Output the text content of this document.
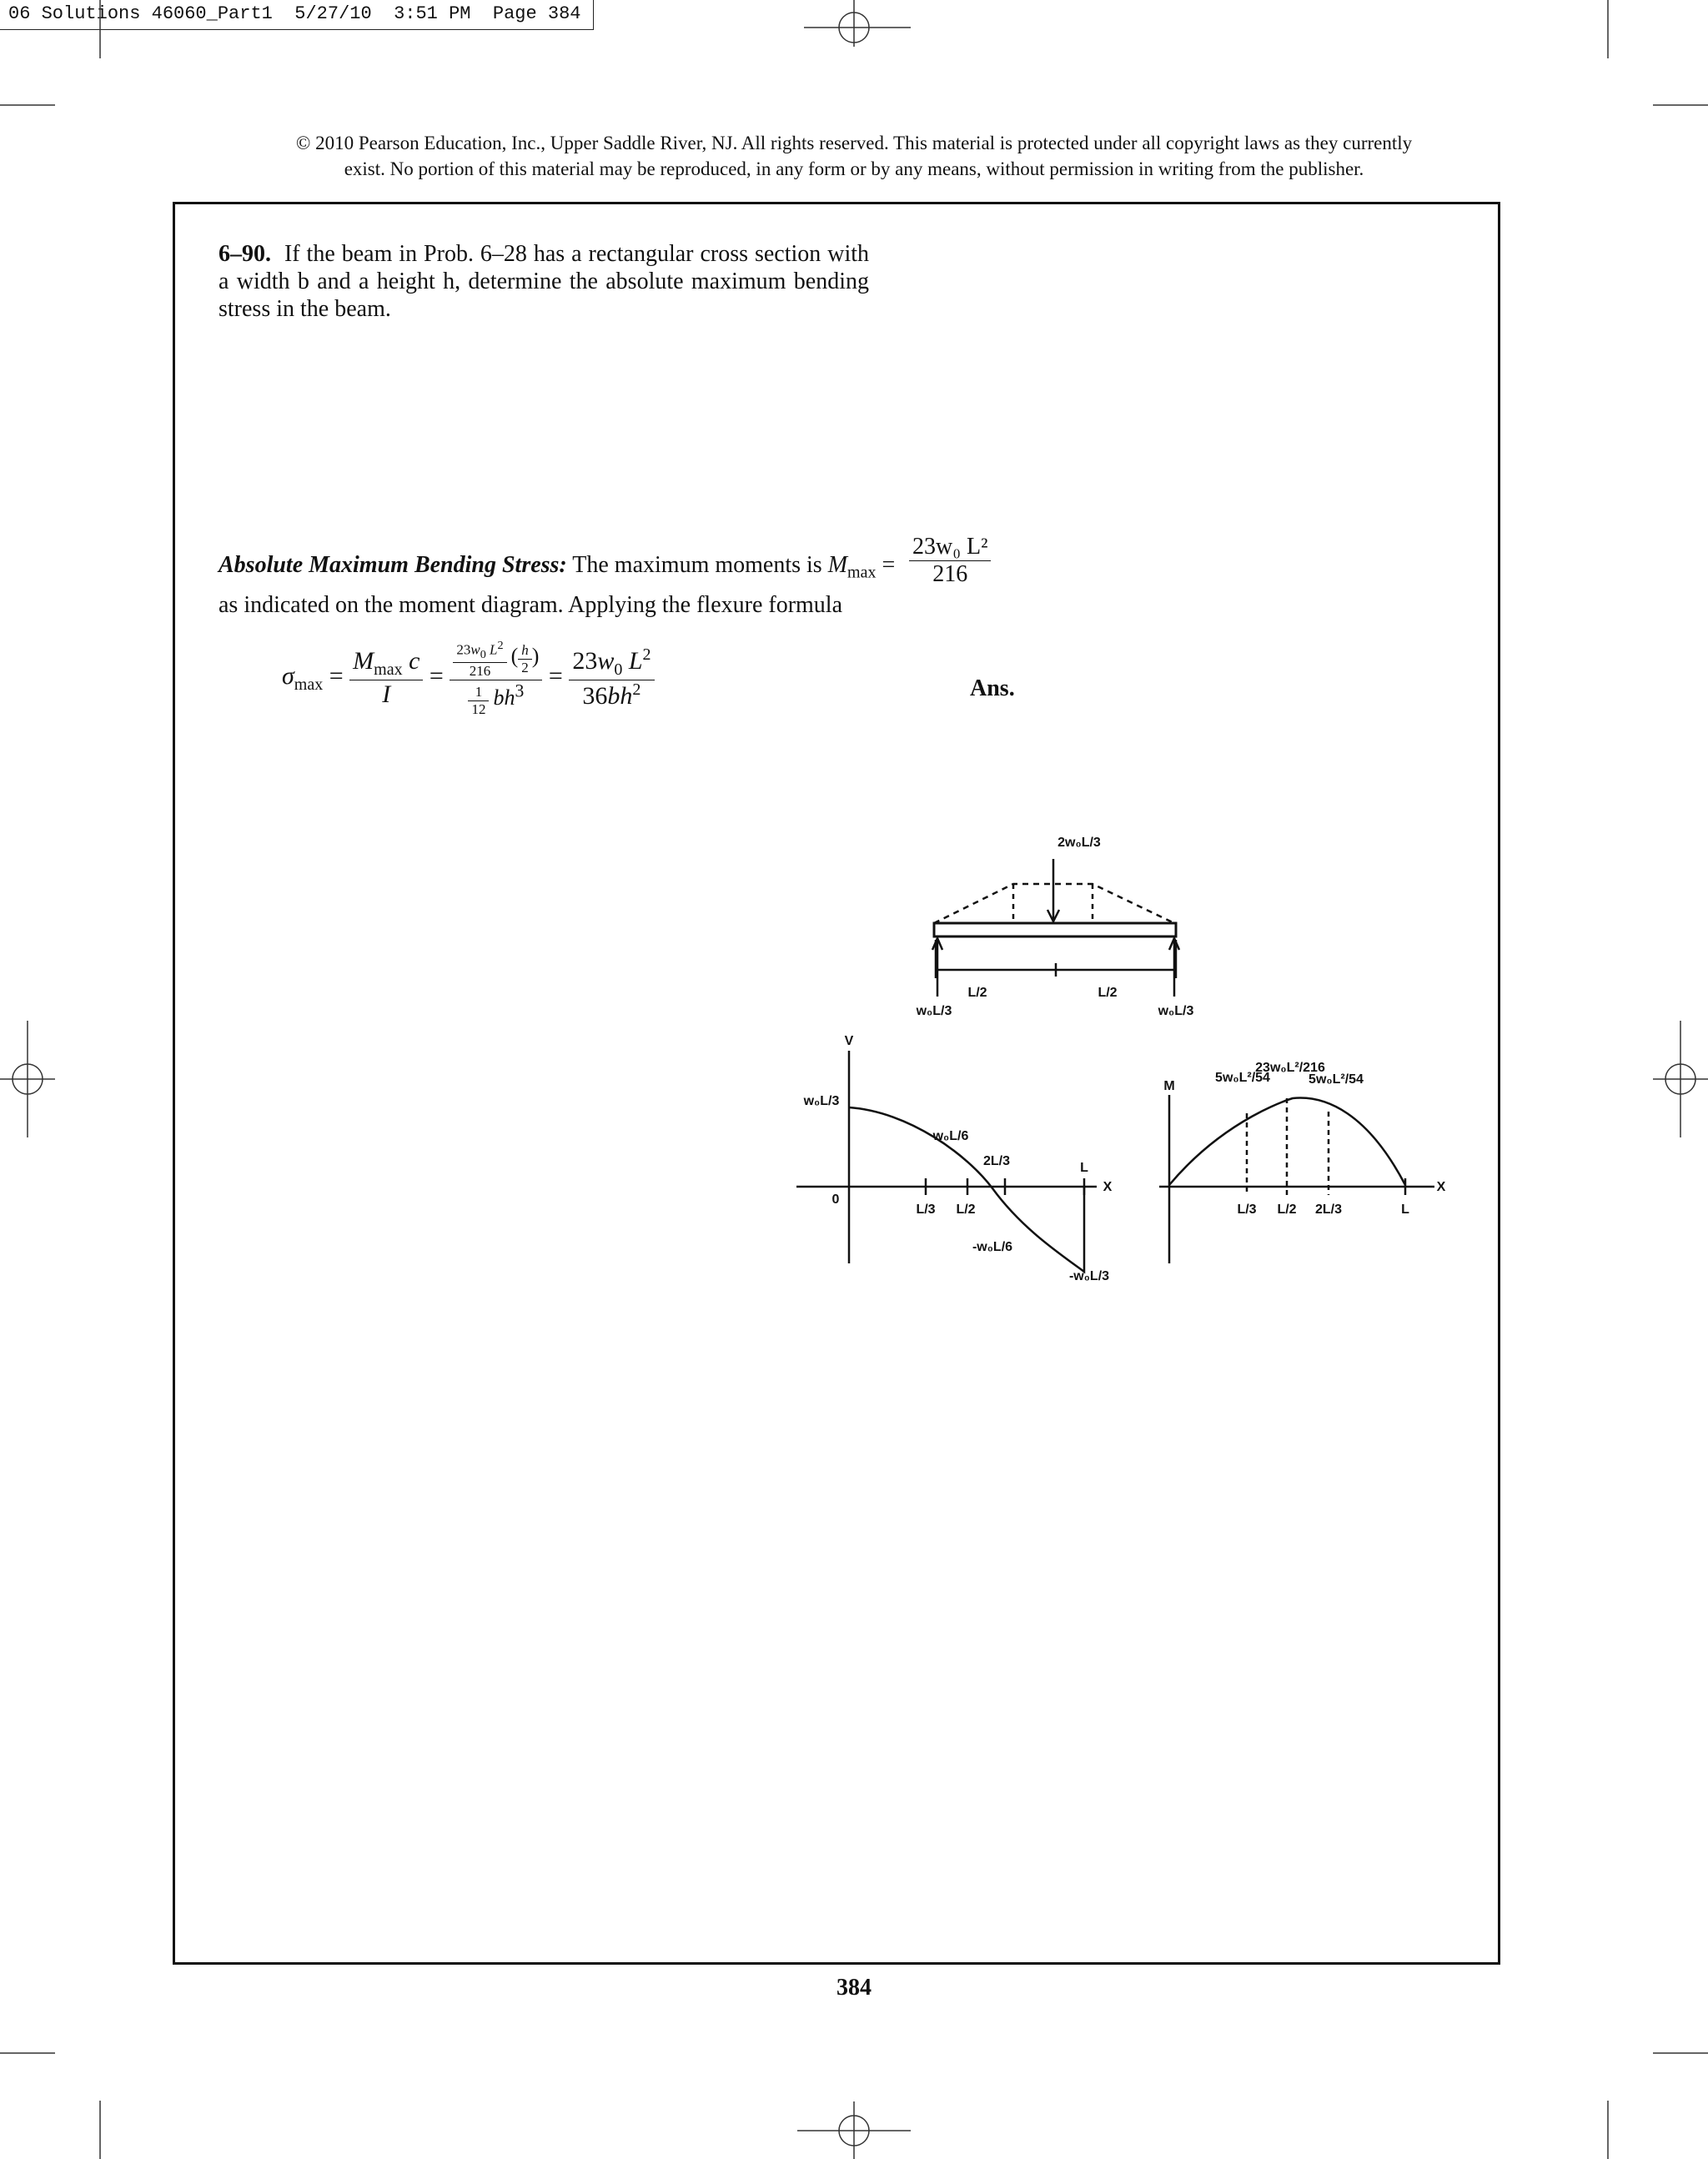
06 Solutions 46060_Part1  5/27/10  3:51 PM  Page 384
© 2010 Pearson Education, Inc., Upper Saddle River, NJ. All rights reserved. This material is protected under all copyright laws as they currently
exist. No portion of this material may be reproduced, in any form or by any means, without permission in writing from the publisher.
6–90. If the beam in Prob. 6–28 has a rectangular cross section with a width b and a height h, determine the absolute maximum bending stress in the beam.
Absolute Maximum Bending Stress: The maximum moments is $M_{max} = \frac{\text{23w₀ L²}}{216}$
as indicated on the moment diagram. Applying the flexure formula
$\sigma_{max} = \frac{M_{max} c}{I} = \frac{\frac{23w_0 L^2}{216} ( \frac{h}{2} )}{\frac{1}{12} bh^3} = \frac{23w_0 L^2}{36bh^2}$	Ans.
2w₀L/3
L/2	L/2
w₀L/3	w₀L/3
V
w₀L/3
w₀L/6
2L/3	L
X
0
L/3 L/2
-w₀L/6
-w₀L/3
M
5w₀L²/54
23w₀L²/216
5w₀L²/54
X
L/3 L/2 2L/3	L
384
